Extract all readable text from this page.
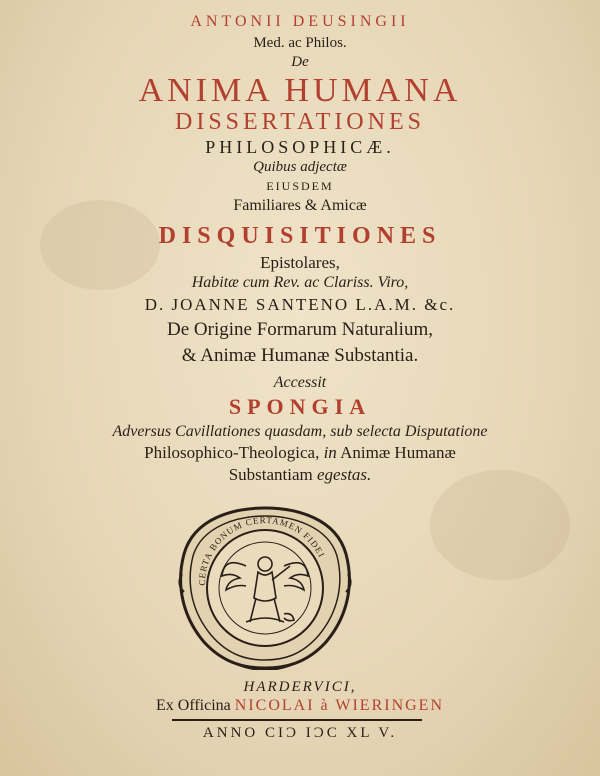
ANTONII DEUSINGII
Med. ac Philos.
De
ANIMA HUMANA
DISSERTATIONES
PHILOSOPHICÆ.
Quibus adjectæ
EIUSDEM
Familiares & Amicæ
DISQUISITIONES
Epistolares,
Habitæ cum Rev. ac Clariss. Viro,
D. JOANNE SANTENO L.A.M. &c.
De Origine Formarum Naturalium,
& Animæ Humanæ Substantia.
Accessit
SPONGIA
Adversus Cavillationes quasdam, sub selecta Disputatione
Philosophico-Theologica, in Animæ Humanæ
Substantiam egestas.
CERTA BONUM CERTAMEN FIDEI
HARDERVICI,
Ex Officina NICOLAI à WIERINGEN
ANNO CIƆ IƆC XL V.
